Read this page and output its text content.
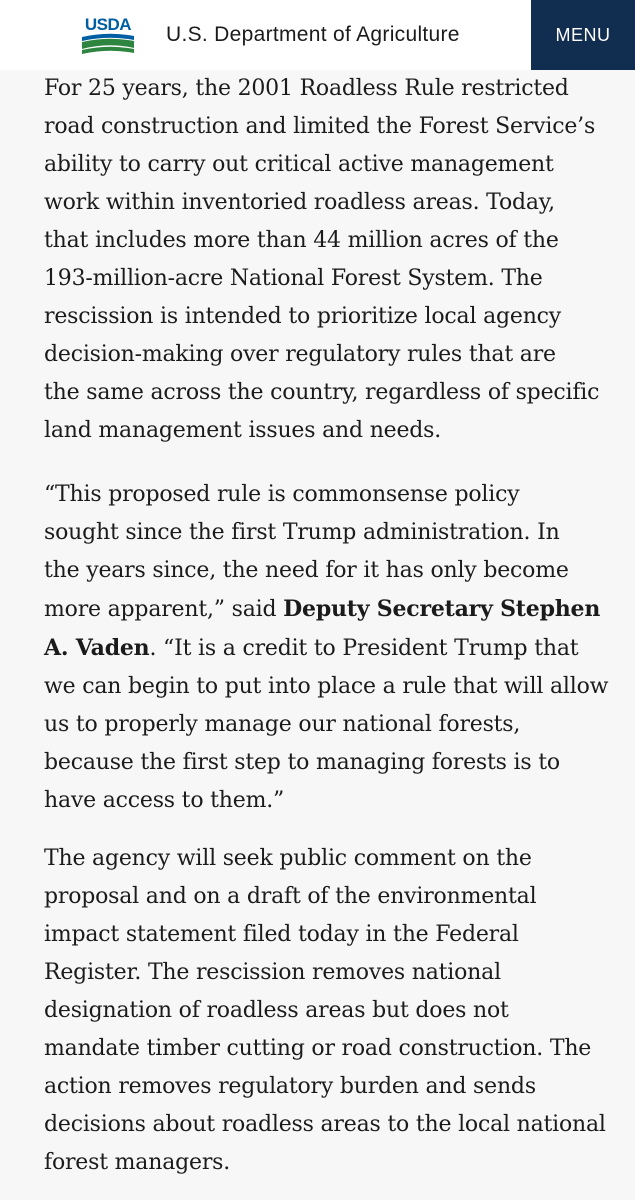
USDA U.S. Department of Agriculture	MENU

For 25 years, the 2001 Roadless Rule restricted
road construction and limited the Forest Service’s
ability to carry out critical active management
work within inventoried roadless areas. Today,
that includes more than 44 million acres of the
193-million-acre National Forest System. The
rescission is intended to prioritize local agency
decision-making over regulatory rules that are
the same across the country, regardless of specific
land management issues and needs.

“This proposed rule is commonsense policy
sought since the first Trump administration. In
the years since, the need for it has only become
more apparent,” said Deputy Secretary Stephen
A. Vaden. “It is a credit to President Trump that
we can begin to put into place a rule that will allow
us to properly manage our national forests,
because the first step to managing forests is to
have access to them.”

The agency will seek public comment on the
proposal and on a draft of the environmental
impact statement filed today in the Federal
Register. The rescission removes national
designation of roadless areas but does not
mandate timber cutting or road construction. The
action removes regulatory burden and sends
decisions about roadless areas to the local national
forest managers.
